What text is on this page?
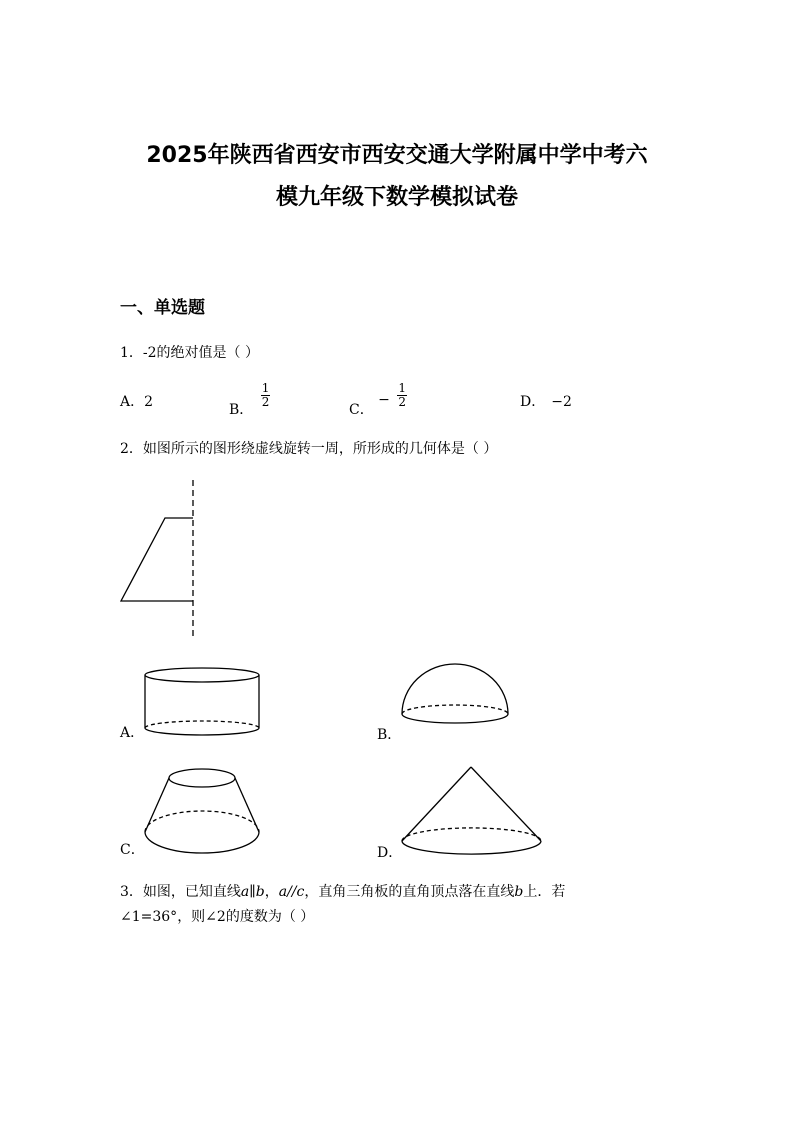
2025年陕西省西安市西安交通大学附属中学中考六
模九年级下数学模拟试卷
一、单选题
1．-2的绝对值是（ ）
A．2	B．
$\frac{1}{2}$
C． − $\frac{1}{2}$	D． −2
2．如图所示的图形绕虚线旋转一周，所形成的几何体是（ ）
A．	B．
C．	D．
3．如图，已知直线a∥b，a//c，直角三角板的直角顶点落在直线b上．若
∠1=36°，则∠2的度数为（ ）
